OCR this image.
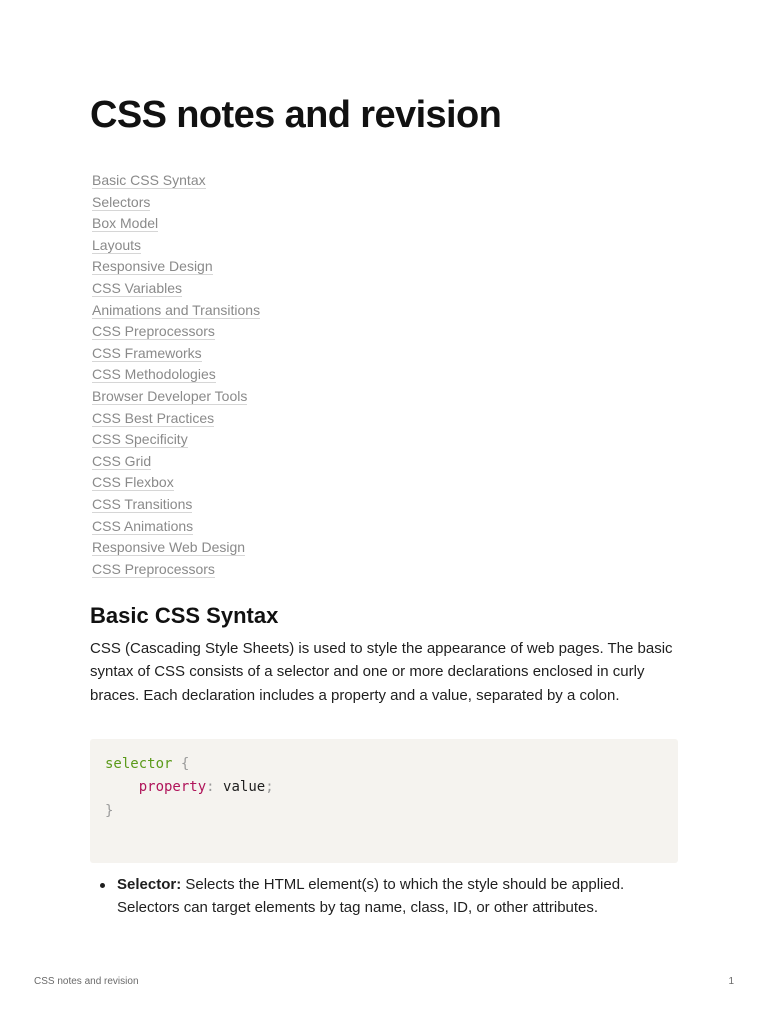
CSS notes and revision
Basic CSS Syntax
Selectors
Box Model
Layouts
Responsive Design
CSS Variables
Animations and Transitions
CSS Preprocessors
CSS Frameworks
CSS Methodologies
Browser Developer Tools
CSS Best Practices
CSS Specificity
CSS Grid
CSS Flexbox
CSS Transitions
CSS Animations
Responsive Web Design
CSS Preprocessors
Basic CSS Syntax

CSS (Cascading Style Sheets) is used to style the appearance of web pages. The basic syntax of CSS consists of a selector and one or more declarations enclosed in curly braces. Each declaration includes a property and a value, separated by a colon.

selector {
property: value;
}
Selector: Selects the HTML element(s) to which the style should be applied. Selectors can target elements by tag name, class, ID, or other attributes.
CSS notes and revision	1
